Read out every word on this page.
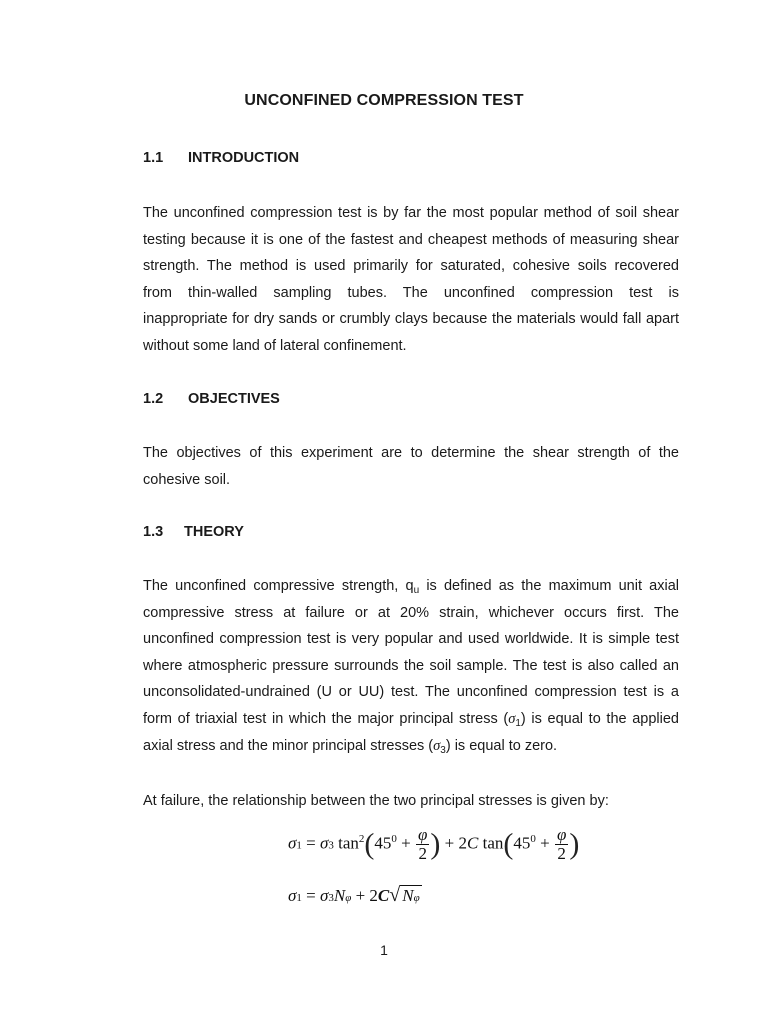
UNCONFINED COMPRESSION TEST
1.1 INTRODUCTION
The unconfined compression test is by far the most popular method of soil shear
testing because it is one of the fastest and cheapest methods of measuring shear
strength. The method is used primarily for saturated, cohesive soils recovered
from thin-walled sampling tubes. The unconfined compression test is
inappropriate for dry sands or crumbly clays because the materials would fall apart
without some land of lateral confinement.
1.2 OBJECTIVES
The objectives of this experiment are to determine the shear strength of the
cohesive soil.
1.3 THEORY
The unconfined compressive strength, $q_u$ is defined as the maximum unit axial
compressive stress at failure or at 20% strain, whichever occurs first. The
unconfined compression test is very popular and used worldwide. It is simple test
where atmospheric pressure surrounds the soil sample. The test is also called an
unconsolidated-undrained (U or UU) test. The unconfined compression test is a
form of triaxial test in which the major principal stress $(\sigma_1)$ is equal to the applied
axial stress and the minor principal stresses $(\sigma_3)$ is equal to zero.
At failure, the relationship between the two principal stresses is given by:
σ1 = σ3 $\tan^2(45^0 + \frac{\varphi}{2}$ ) + 2C $\tan(45^0 + \frac{\varphi}{2}$ )
σ1 = σ3Nφ + 2C√ Nφ
1
